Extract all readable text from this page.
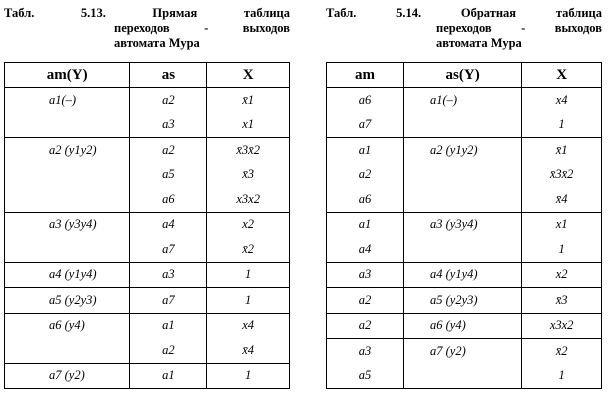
Табл.	5.13.	Прямая	таблица
переходов	-	выходов
автомата Мура
am(Y)	as	X
a1(–)	a2	x̄1
	a3	x1
a2 (y1y2)	a2	x̄3x̄2
	a5	x̄3
	a6	x3x2
a3 (y3y4)	a4	x2
	a7	x̄2
a4 (y1y4)	a3	1
a5 (y2y3)	a7	1
a6 (y4)	a1	x4
	a2	x̄4
a7 (y2)	a1	1
Табл.	5.14.	Обратная	таблица
переходов - выходов
автомата Мура
am	as(Y)	X
a6	a1(–)	x4
a7		1
a1	a2 (y1y2)	x̄1
a2		x̄3x̄2
a6		x̄4
a1	a3 (y3y4)	x1
a4		1
a3	a4 (y1y4)	x2
a2	a5 (y2y3)	x̄3
a2	a6 (y4)	x3x2
a3	a7 (y2)	x̄2
a5		1
